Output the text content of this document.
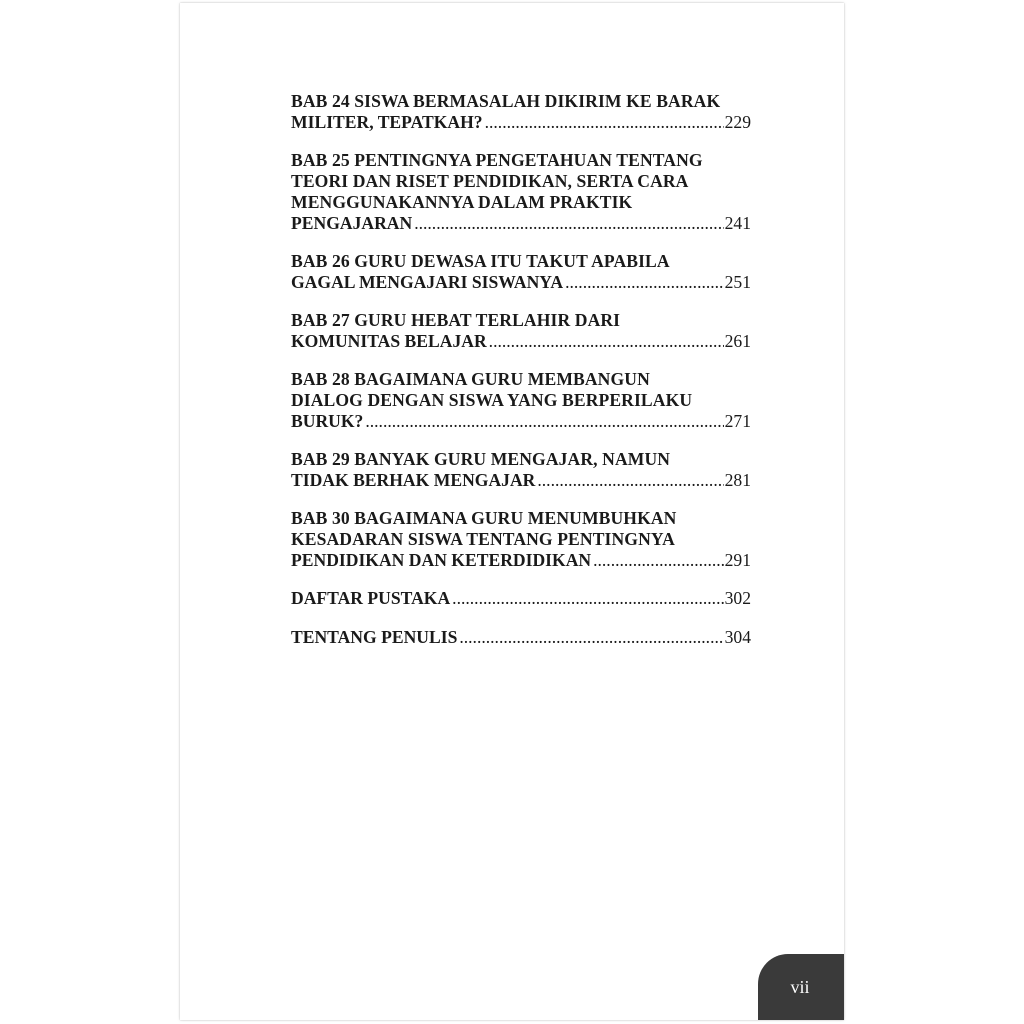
BAB 24 SISWA BERMASALAH DIKIRIM KE BARAK
MILITER, TEPATKAH? .....	229
BAB 25 PENTINGNYA PENGETAHUAN TENTANG
TEORI DAN RISET PENDIDIKAN, SERTA CARA
MENGGUNAKANNYA DALAM PRAKTIK
PENGAJARAN .....	241
BAB 26 GURU DEWASA ITU TAKUT APABILA
GAGAL MENGAJARI SISWANYA .....	251
BAB 27 GURU HEBAT TERLAHIR DARI
KOMUNITAS BELAJAR .....	261
BAB 28 BAGAIMANA GURU MEMBANGUN
DIALOG DENGAN SISWA YANG BERPERILAKU
BURUK? .....	271
BAB 29 BANYAK GURU MENGAJAR, NAMUN
TIDAK BERHAK MENGAJAR .....	281
BAB 30 BAGAIMANA GURU MENUMBUHKAN
KESADARAN SISWA TENTANG PENTINGNYA
PENDIDIKAN DAN KETERDIDIKAN .....	291
DAFTAR PUSTAKA .....	302
TENTANG PENULIS .....	304
vii
